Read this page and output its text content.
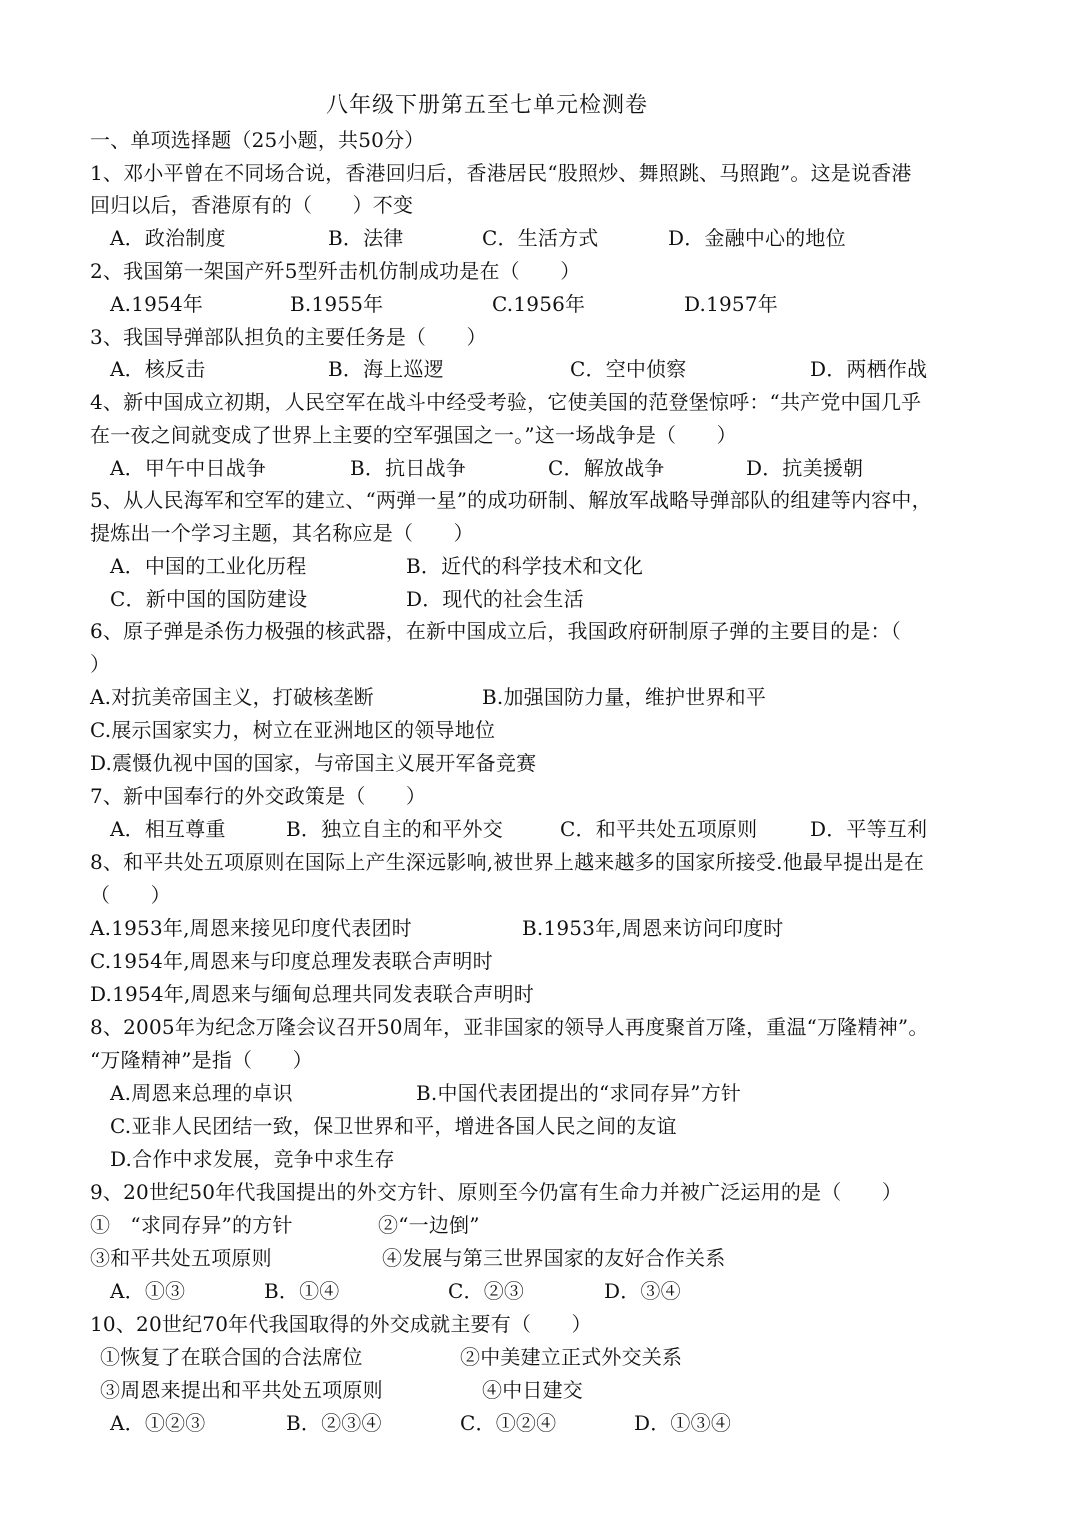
八年级下册第五至七单元检测卷
一、单项选择题（25小题，共50分）
1、邓小平曾在不同场合说，香港回归后，香港居民“股照炒、舞照跳、马照跑”。这是说香港
回归以后，香港原有的（　　）不变
A．政治制度	B．法律	C．生活方式	D．金融中心的地位
2、我国第一架国产歼5型歼击机仿制成功是在（　　）
A.1954年	B.1955年	C.1956年	D.1957年
3、我国导弹部队担负的主要任务是（　　）
A．核反击	B．海上巡逻	C．空中侦察	D．两栖作战
4、新中国成立初期，人民空军在战斗中经受考验，它使美国的范登堡惊呼：“共产党中国几乎
在一夜之间就变成了世界上主要的空军强国之一。”这一场战争是（　　）
A．甲午中日战争	B．抗日战争	C．解放战争	D．抗美援朝
5、从人民海军和空军的建立、“两弹一星”的成功研制、解放军战略导弹部队的组建等内容中，
提炼出一个学习主题，其名称应是（　　）
A．中国的工业化历程	B．近代的科学技术和文化
C．新中国的国防建设	D．现代的社会生活
6、原子弹是杀伤力极强的核武器，在新中国成立后，我国政府研制原子弹的主要目的是：（
）
A.对抗美帝国主义，打破核垄断	B.加强国防力量，维护世界和平
C.展示国家实力，树立在亚洲地区的领导地位
D.震慑仇视中国的国家，与帝国主义展开军备竞赛
7、新中国奉行的外交政策是（　　）
A．相互尊重	B．独立自主的和平外交	C．和平共处五项原则	D．平等互利
8、和平共处五项原则在国际上产生深远影响,被世界上越来越多的国家所接受.他最早提出是在
（　　）
A.1953年,周恩来接见印度代表团时	B.1953年,周恩来访问印度时
C.1954年,周恩来与印度总理发表联合声明时
D.1954年,周恩来与缅甸总理共同发表联合声明时
8、2005年为纪念万隆会议召开50周年，亚非国家的领导人再度聚首万隆，重温“万隆精神”。
“万隆精神”是指（　　）
A.周恩来总理的卓识	B.中国代表团提出的“求同存异”方针
C.亚非人民团结一致，保卫世界和平，增进各国人民之间的友谊
D.合作中求发展，竞争中求生存
9、20世纪50年代我国提出的外交方针、原则至今仍富有生命力并被广泛运用的是（　　）
①　“求同存异”的方针	②“一边倒”
③和平共处五项原则	④发展与第三世界国家的友好合作关系
A．①③	B．①④	C．②③	D．③④
10、20世纪70年代我国取得的外交成就主要有（　　）
①恢复了在联合国的合法席位	②中美建立正式外交关系
③周恩来提出和平共处五项原则	④中日建交
A．①②③	B．②③④	C．①②④	D．①③④
